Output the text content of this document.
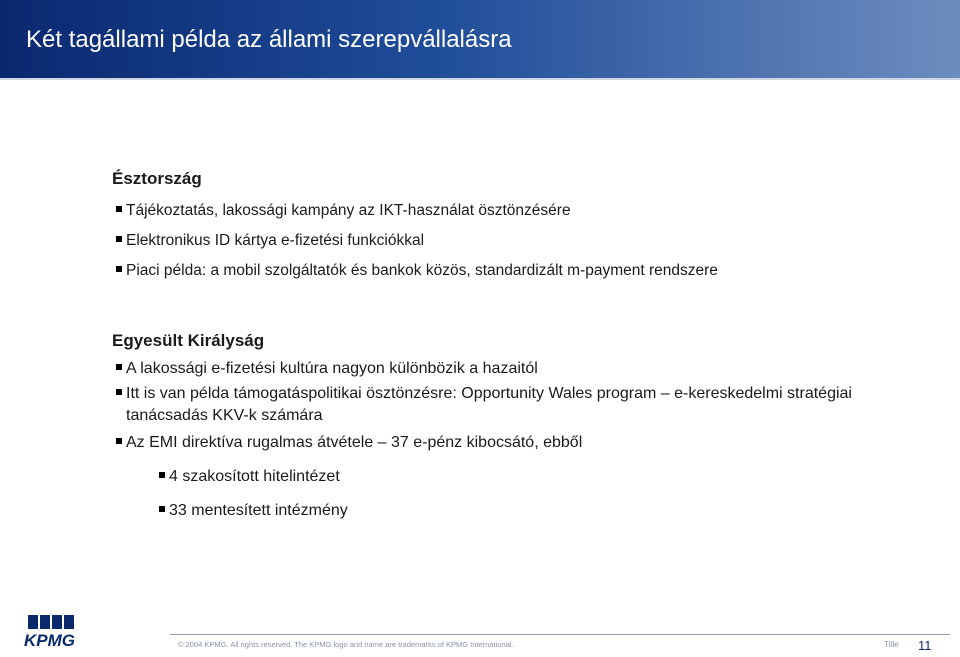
Két tagállami példa az állami szerepvállalásra
Észtország
Tájékoztatás, lakossági kampány az IKT-használat ösztönzésére
Elektronikus ID kártya e-fizetési funkciókkal
Piaci példa: a mobil szolgáltatók és bankok közös, standardizált m-payment rendszere
Egyesült Királyság
A lakossági e-fizetési kultúra nagyon különbözik a hazaitól
Itt is van példa támogatáspolitikai ösztönzésre: Opportunity Wales program – e-kereskedelmi stratégiai tanácsadás KKV-k számára
Az EMI direktíva rugalmas átvétele – 37 e-pénz kibocsátó, ebből
4 szakosított hitelintézet
33 mentesített intézmény
KPMG	© 2004 KPMG. All rights reserved. The KPMG logo and name are trademarks of KPMG International.	Title 11
